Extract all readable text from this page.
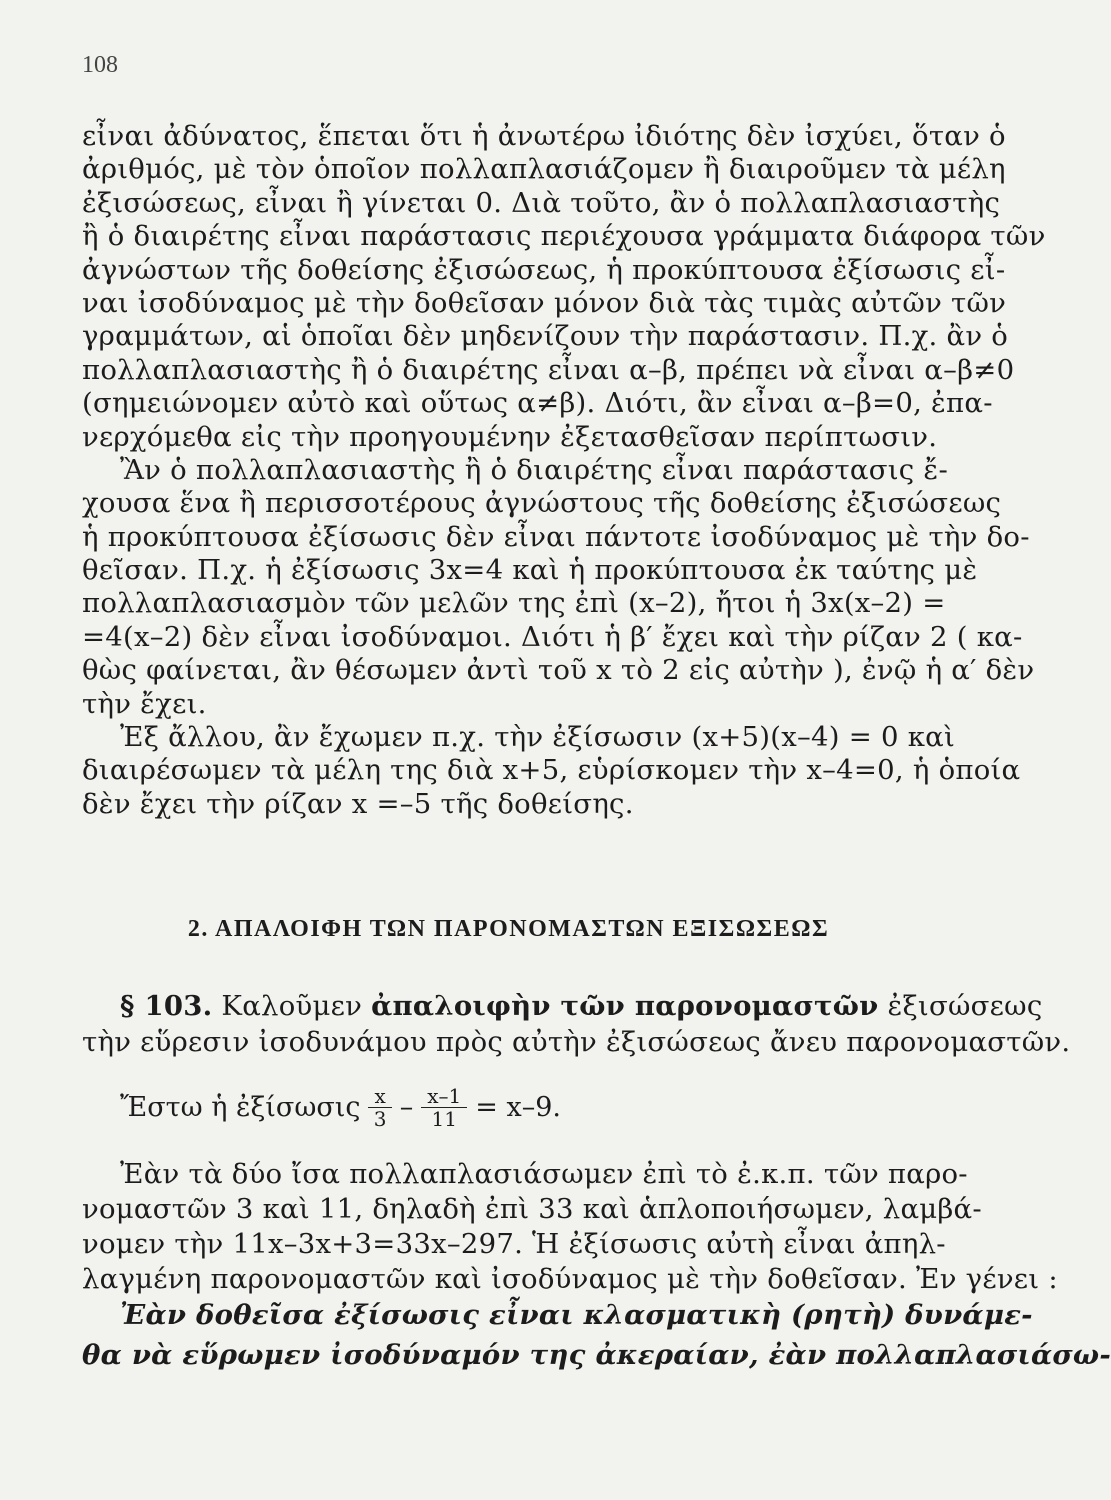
108
εἶναι ἀδύνατος, ἕπεται ὅτι ἡ ἀνωτέρω ἰδιότης δὲν ἰσχύει, ὅταν ὁ
ἀριθμός, μὲ τὸν ὁποῖον πολλαπλασιάζομεν ἢ διαιροῦμεν τὰ μέλη
ἐξισώσεως, εἶναι ἢ γίνεται 0. Διὰ τοῦτο, ἂν ὁ πολλαπλασιαστὴς
ἢ ὁ διαιρέτης εἶναι παράστασις περιέχουσα γράμματα διάφορα τῶν
ἀγνώστων τῆς δοθείσης ἐξισώσεως, ἡ προκύπτουσα ἐξίσωσις εἶ-
ναι ἰσοδύναμος μὲ τὴν δοθεῖσαν μόνον διὰ τὰς τιμὰς αὐτῶν τῶν
γραμμάτων, αἱ ὁποῖαι δὲν μηδενίζουν τὴν παράστασιν. Π.χ. ἂν ὁ
πολλαπλασιαστὴς ἢ ὁ διαιρέτης εἶναι α–β, πρέπει νὰ εἶναι α–β≠0
(σημειώνομεν αὐτὸ καὶ οὕτως α≠β). Διότι, ἂν εἶναι α–β=0, ἐπα-
νερχόμεθα εἰς τὴν προηγουμένην ἐξετασθεῖσαν περίπτωσιν.
Ἂν ὁ πολλαπλασιαστὴς ἢ ὁ διαιρέτης εἶναι παράστασις ἔ-
χουσα ἕνα ἢ περισσοτέρους ἀγνώστους τῆς δοθείσης ἐξισώσεως
ἡ προκύπτουσα ἐξίσωσις δὲν εἶναι πάντοτε ἰσοδύναμος μὲ τὴν δο-
θεῖσαν. Π.χ. ἡ ἐξίσωσις 3x=4 καὶ ἡ προκύπτουσα ἐκ ταύτης μὲ
πολλαπλασιασμὸν τῶν μελῶν της ἐπὶ (x–2), ἤτοι ἡ 3x(x–2) =
=4(x–2) δὲν εἶναι ἰσοδύναμοι. Διότι ἡ β′ ἔχει καὶ τὴν ρίζαν 2 ( κα-
θὼς φαίνεται, ἂν θέσωμεν ἀντὶ τοῦ x τὸ 2 εἰς αὐτὴν ), ἐνῷ ἡ α′ δὲν
τὴν ἔχει.
Ἐξ ἄλλου, ἂν ἔχωμεν π.χ. τὴν ἐξίσωσιν (x+5)(x–4) = 0 καὶ
διαιρέσωμεν τὰ μέλη της διὰ x+5, εὑρίσκομεν τὴν x–4=0, ἡ ὁποία
δὲν ἔχει τὴν ρίζαν x =–5 τῆς δοθείσης.
2. ΑΠΑΛΟΙΦΗ ΤΩΝ ΠΑΡΟΝΟΜΑΣΤΩΝ ΕΞΙΣΩΣΕΩΣ
§ 103. Καλοῦμεν ἀπαλοιφὴν τῶν παρονομαστῶν ἐξισώσεως
τὴν εὕρεσιν ἰσοδυνάμου πρὸς αὐτὴν ἐξισώσεως ἄνευ παρονομαστῶν.
Ἔστω ἡ ἐξίσωσις $\frac{x}{3} - \frac{x-1}{11} = x-9$.
Ἐὰν τὰ δύο ἴσα πολλαπλασιάσωμεν ἐπὶ τὸ ἐ.κ.π. τῶν παρο-
νομαστῶν 3 καὶ 11, δηλαδὴ ἐπὶ 33 καὶ ἁπλοποιήσωμεν, λαμβά-
νομεν τὴν 11x–3x+3=33x–297. Ἡ ἐξίσωσις αὐτὴ εἶναι ἀπηλ-
λαγμένη παρονομαστῶν καὶ ἰσοδύναμος μὲ τὴν δοθεῖσαν. Ἐν γένει :
Ἐὰν δοθεῖσα ἐξίσωσις εἶναι κλασματικὴ (ρητὴ) δυνάμε-
θα νὰ εὕρωμεν ἰσοδύναμόν της ἀκεραίαν, ἐὰν πολλαπλασιάσω-
